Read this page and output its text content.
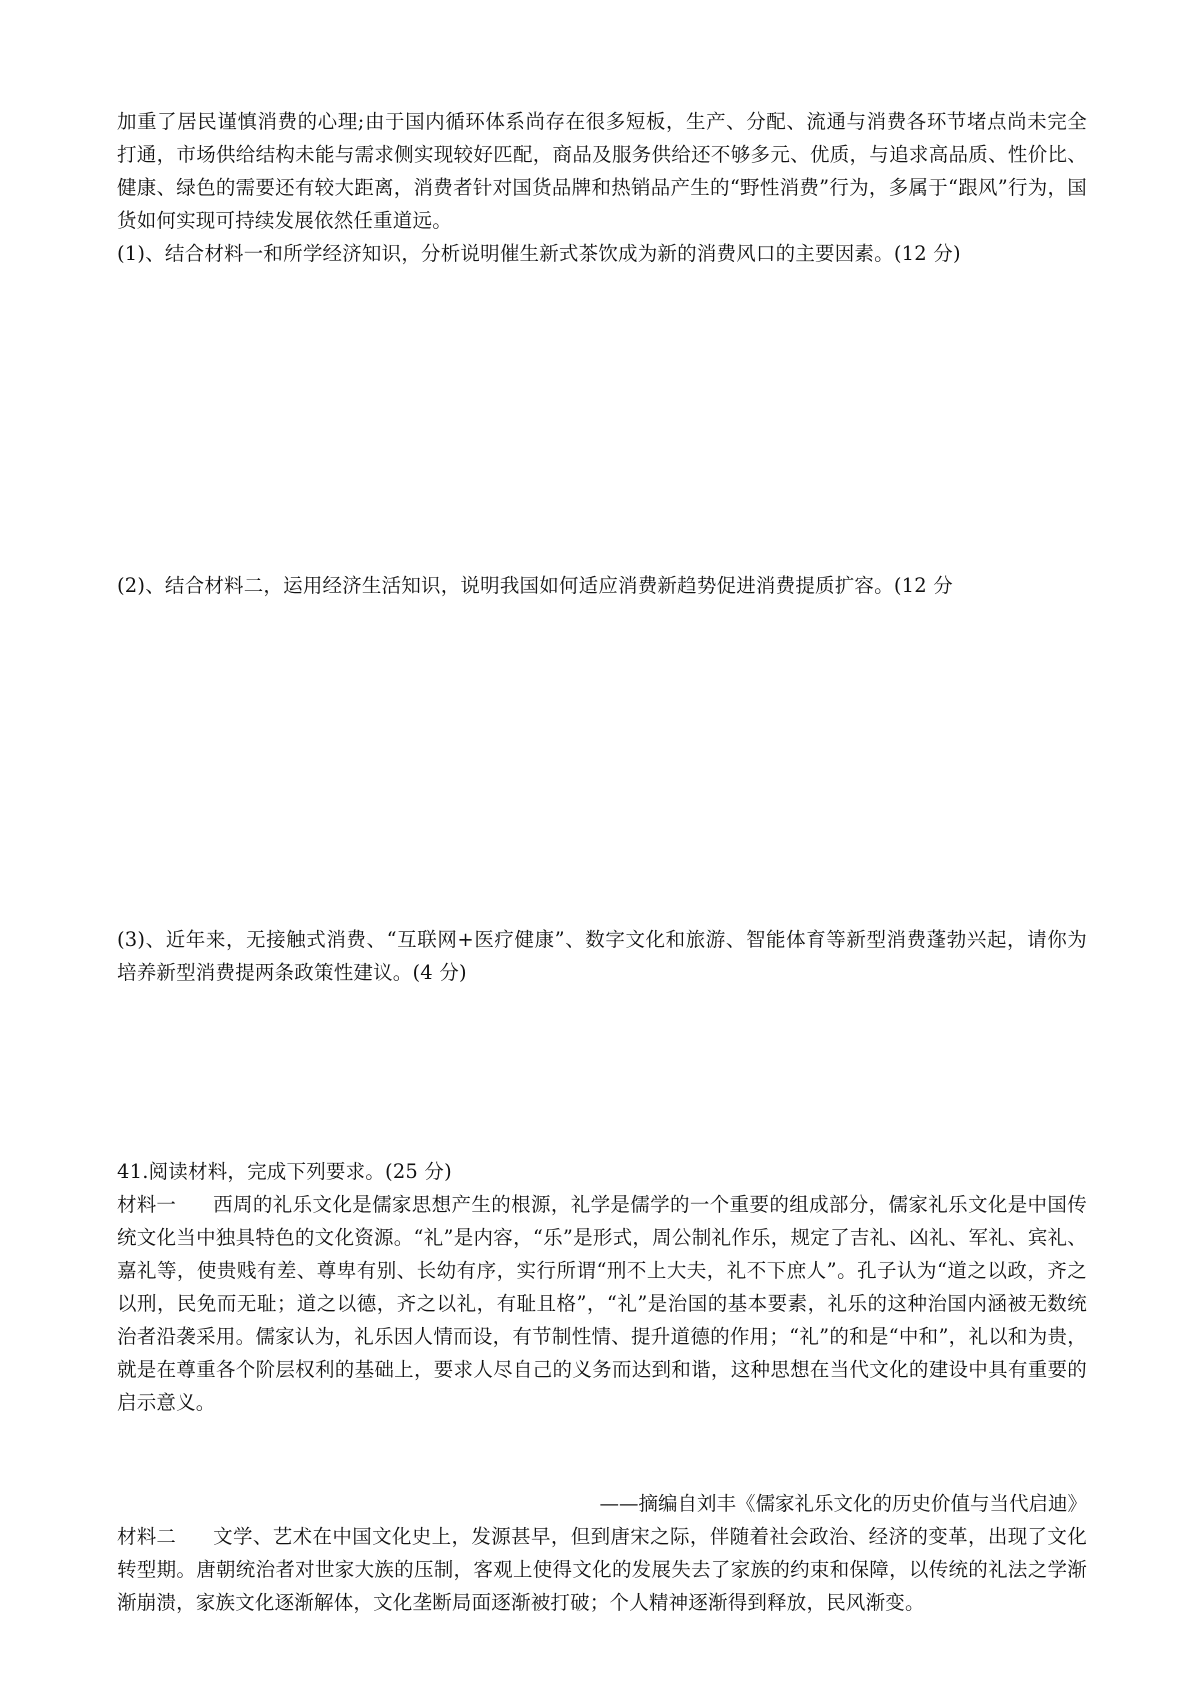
加重了居民谨慎消费的心理;由于国内循环体系尚存在很多短板，生产、分配、流通与消费各环节堵点尚未完全打通，市场供给结构未能与需求侧实现较好匹配，商品及服务供给还不够多元、优质，与追求高品质、性价比、健康、绿色的需要还有较大距离，消费者针对国货品牌和热销品产生的“野性消费”行为，多属于“跟风”行为，国货如何实现可持续发展依然任重道远。
(1)、结合材料一和所学经济知识，分析说明催生新式茶饮成为新的消费风口的主要因素。(12 分)
(2)、结合材料二，运用经济生活知识，说明我国如何适应消费新趋势促进消费提质扩容。(12 分
(3)、近年来，无接触式消费、“互联网+医疗健康”、数字文化和旅游、智能体育等新型消费蓬勃兴起，请你为培养新型消费提两条政策性建议。(4 分)
41.阅读材料，完成下列要求。(25 分)
材料一 西周的礼乐文化是儒家思想产生的根源，礼学是儒学的一个重要的组成部分，儒家礼乐文化是中国传统文化当中独具特色的文化资源。“礼”是内容，“乐”是形式，周公制礼作乐，规定了吉礼、凶礼、军礼、宾礼、嘉礼等，使贵贱有差、尊卑有别、长幼有序，实行所谓“刑不上大夫，礼不下庶人”。孔子认为“道之以政，齐之以刑，民免而无耻；道之以德，齐之以礼，有耻且格”，“礼”是治国的基本要素，礼乐的这种治国内涵被无数统治者沿袭采用。儒家认为，礼乐因人情而设，有节制性情、提升道德的作用；“礼”的和是“中和”，礼以和为贵，就是在尊重各个阶层权利的基础上，要求人尽自己的义务而达到和谐，这种思想在当代文化的建设中具有重要的启示意义。
——摘编自刘丰《儒家礼乐文化的历史价值与当代启迪》
材料二 文学、艺术在中国文化史上，发源甚早，但到唐宋之际，伴随着社会政治、经济的变革，出现了文化转型期。唐朝统治者对世家大族的压制，客观上使得文化的发展失去了家族的约束和保障，以传统的礼法之学渐渐崩溃，家族文化逐渐解体，文化垄断局面逐渐被打破；个人精神逐渐得到释放，民风渐变。
